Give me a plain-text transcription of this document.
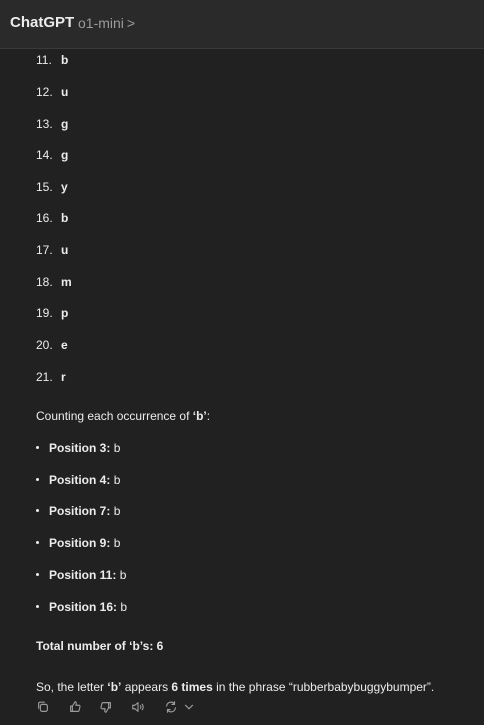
ChatGPT o1-mini >
11. b
12. u
13. g
14. g
15. y
16. b
17. u
18. m
19. p
20. e
21. r
Counting each occurrence of ‘b’:
Position 3: b
Position 4: b
Position 7: b
Position 9: b
Position 11: b
Position 16: b
Total number of ‘b’s: 6
So, the letter ‘b’ appears 6 times in the phrase “rubberbabybuggybumper”.
